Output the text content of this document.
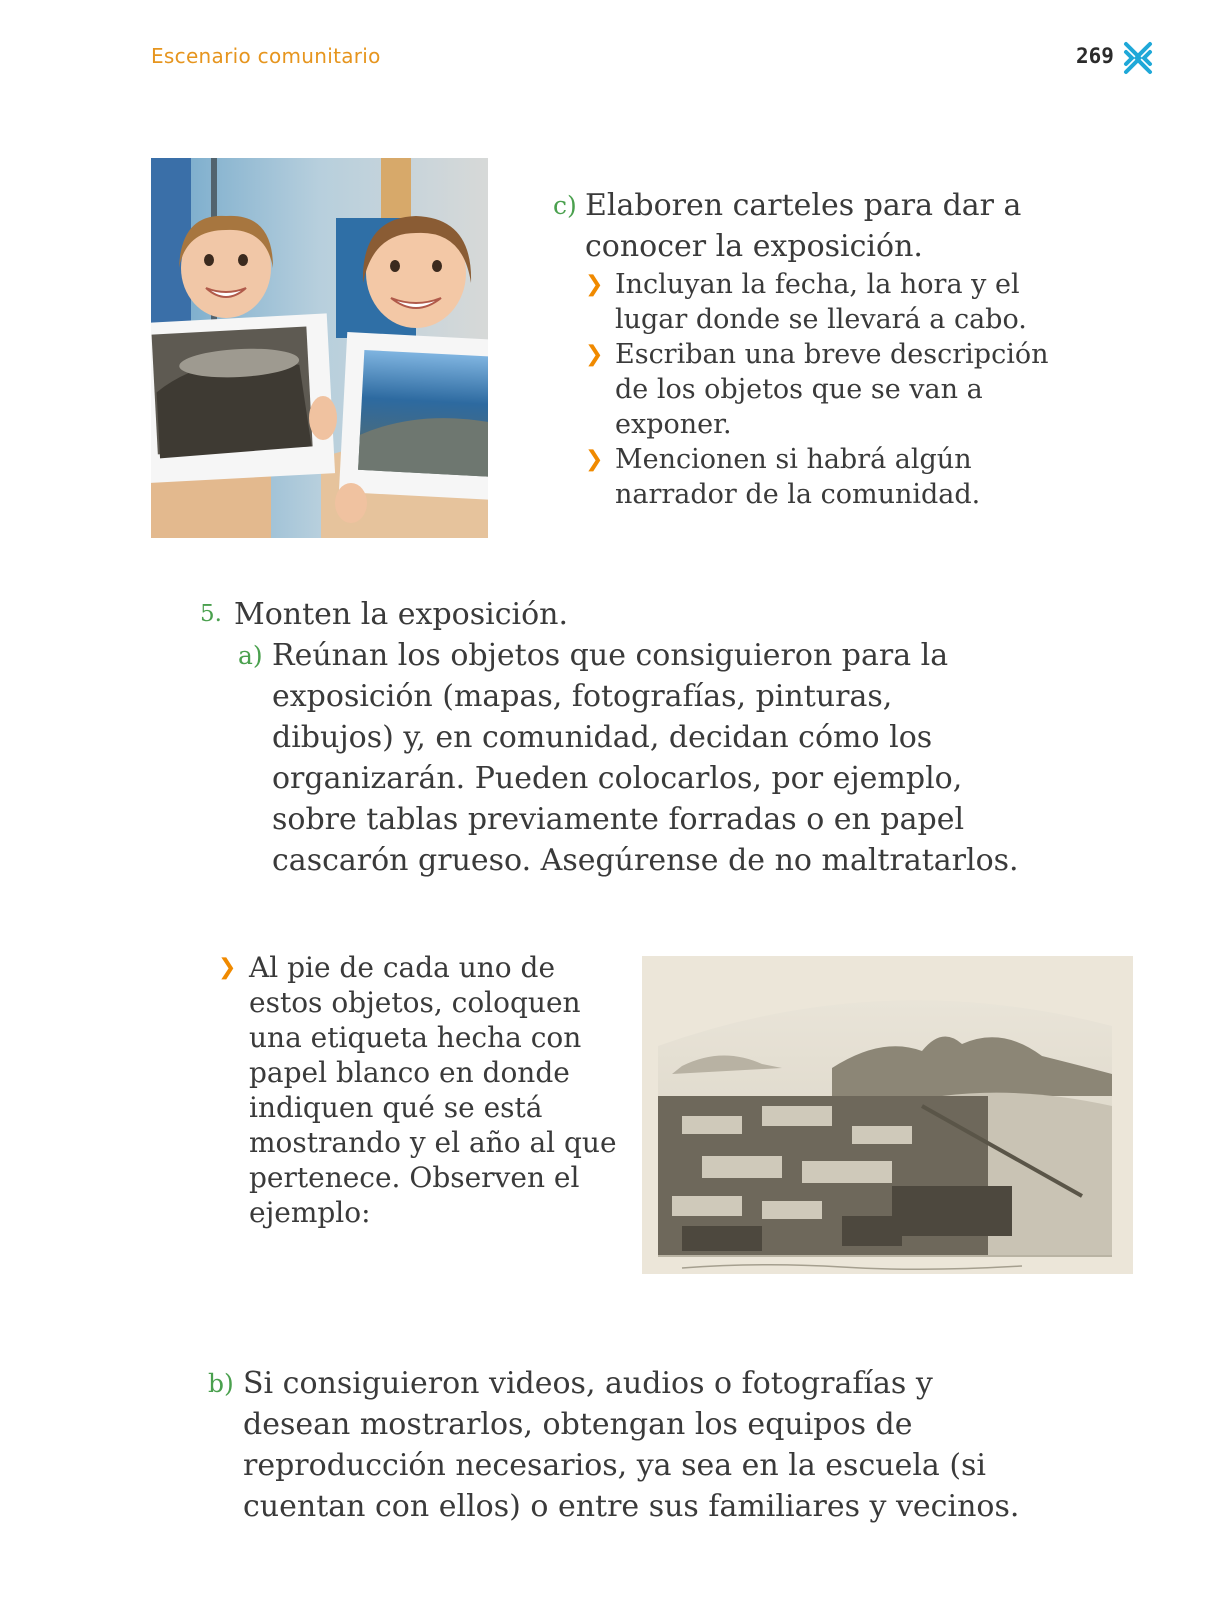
Escenario comunitario	269
c) Elaboren carteles para dar a conocer la exposición.
❯ Incluyan la fecha, la hora y el lugar donde se llevará a cabo.
❯ Escriban una breve descripción de los objetos que se van a exponer.
❯ Mencionen si habrá algún narrador de la comunidad.
5. Monten la exposición.
a) Reúnan los objetos que consiguieron para la exposición (mapas, fotografías, pinturas, dibujos) y, en comunidad, decidan cómo los organizarán. Pueden colocarlos, por ejemplo, sobre tablas previamente forradas o en papel cascarón grueso. Asegúrense de no maltratarlos.
❯ Al pie de cada uno de estos objetos, coloquen una etiqueta hecha con papel blanco en donde indiquen qué se está mostrando y el año al que pertenece. Observen el ejemplo:
b) Si consiguieron videos, audios o fotografías y desean mostrarlos, obtengan los equipos de reproducción necesarios, ya sea en la escuela (si cuentan con ellos) o entre sus familiares y vecinos.
